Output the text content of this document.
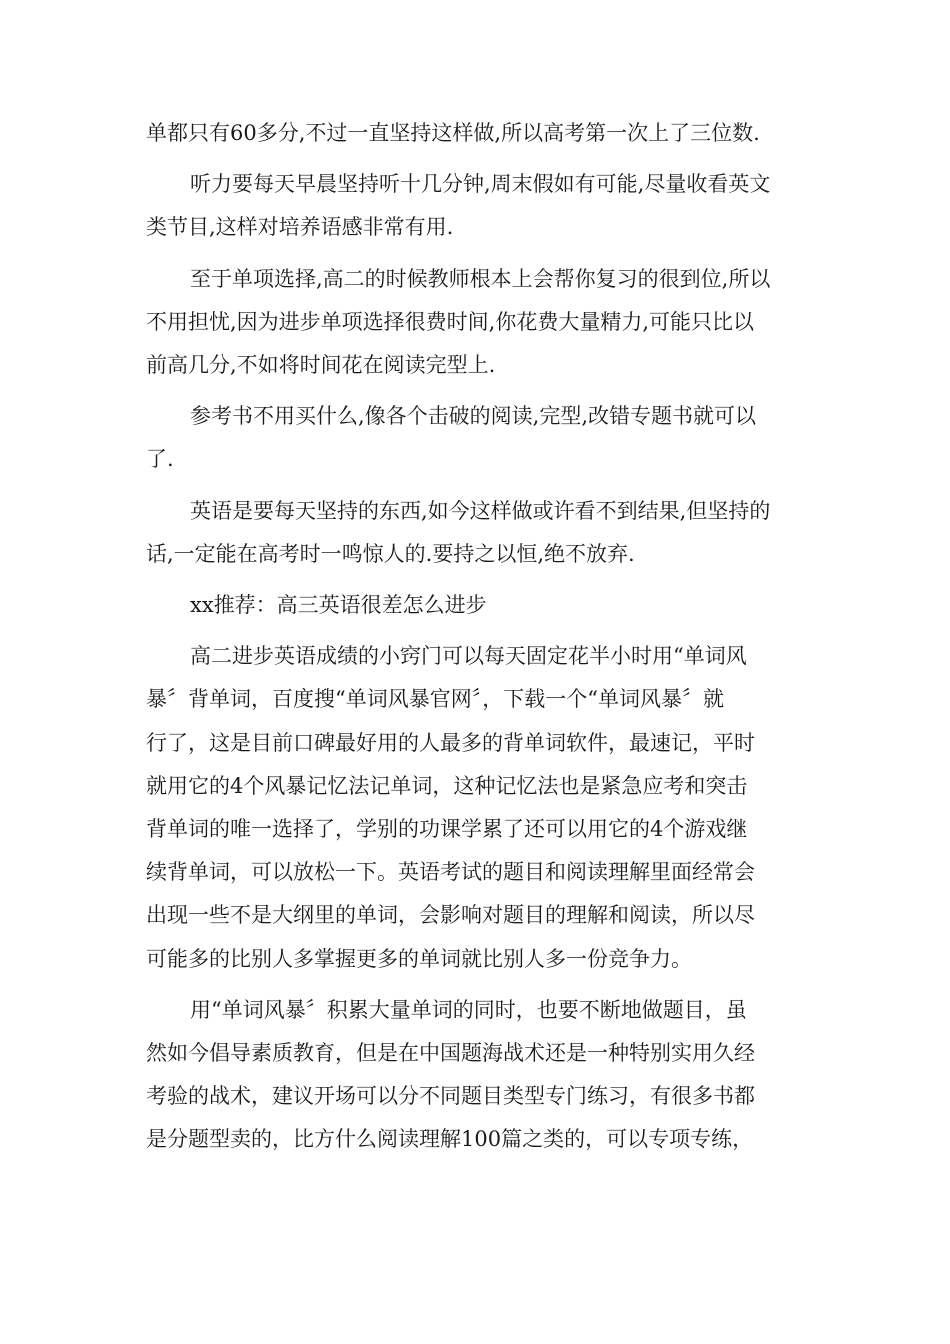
单都只有60多分,不过一直坚持这样做,所以高考第一次上了三位数.

听力要每天早晨坚持听十几分钟,周末假如有可能,尽量收看英文
类节目,这样对培养语感非常有用.

至于单项选择,高二的时候教师根本上会帮你复习的很到位,所以
不用担忧,因为进步单项选择很费时间,你花费大量精力,可能只比以
前高几分,不如将时间花在阅读完型上.

参考书不用买什么,像各个击破的阅读,完型,改错专题书就可以
了.

英语是要每天坚持的东西,如今这样做或许看不到结果,但坚持的
话,一定能在高考时一鸣惊人的.要持之以恒,绝不放弃.

xx推荐：高三英语很差怎么进步

高二进步英语成绩的小窍门可以每天固定花半小时用“单词风
暴〞背单词，百度搜“单词风暴官网〞，下载一个“单词风暴〞就
行了，这是目前口碑最好用的人最多的背单词软件，最速记，平时
就用它的4个风暴记忆法记单词，这种记忆法也是紧急应考和突击
背单词的唯一选择了，学别的功课学累了还可以用它的4个游戏继
续背单词，可以放松一下。英语考试的题目和阅读理解里面经常会
出现一些不是大纲里的单词，会影响对题目的理解和阅读，所以尽
可能多的比别人多掌握更多的单词就比别人多一份竞争力。

用“单词风暴〞积累大量单词的同时，也要不断地做题目，虽
然如今倡导素质教育，但是在中国题海战术还是一种特别实用久经
考验的战术，建议开场可以分不同题目类型专门练习，有很多书都
是分题型卖的，比方什么阅读理解100篇之类的，可以专项专练，
